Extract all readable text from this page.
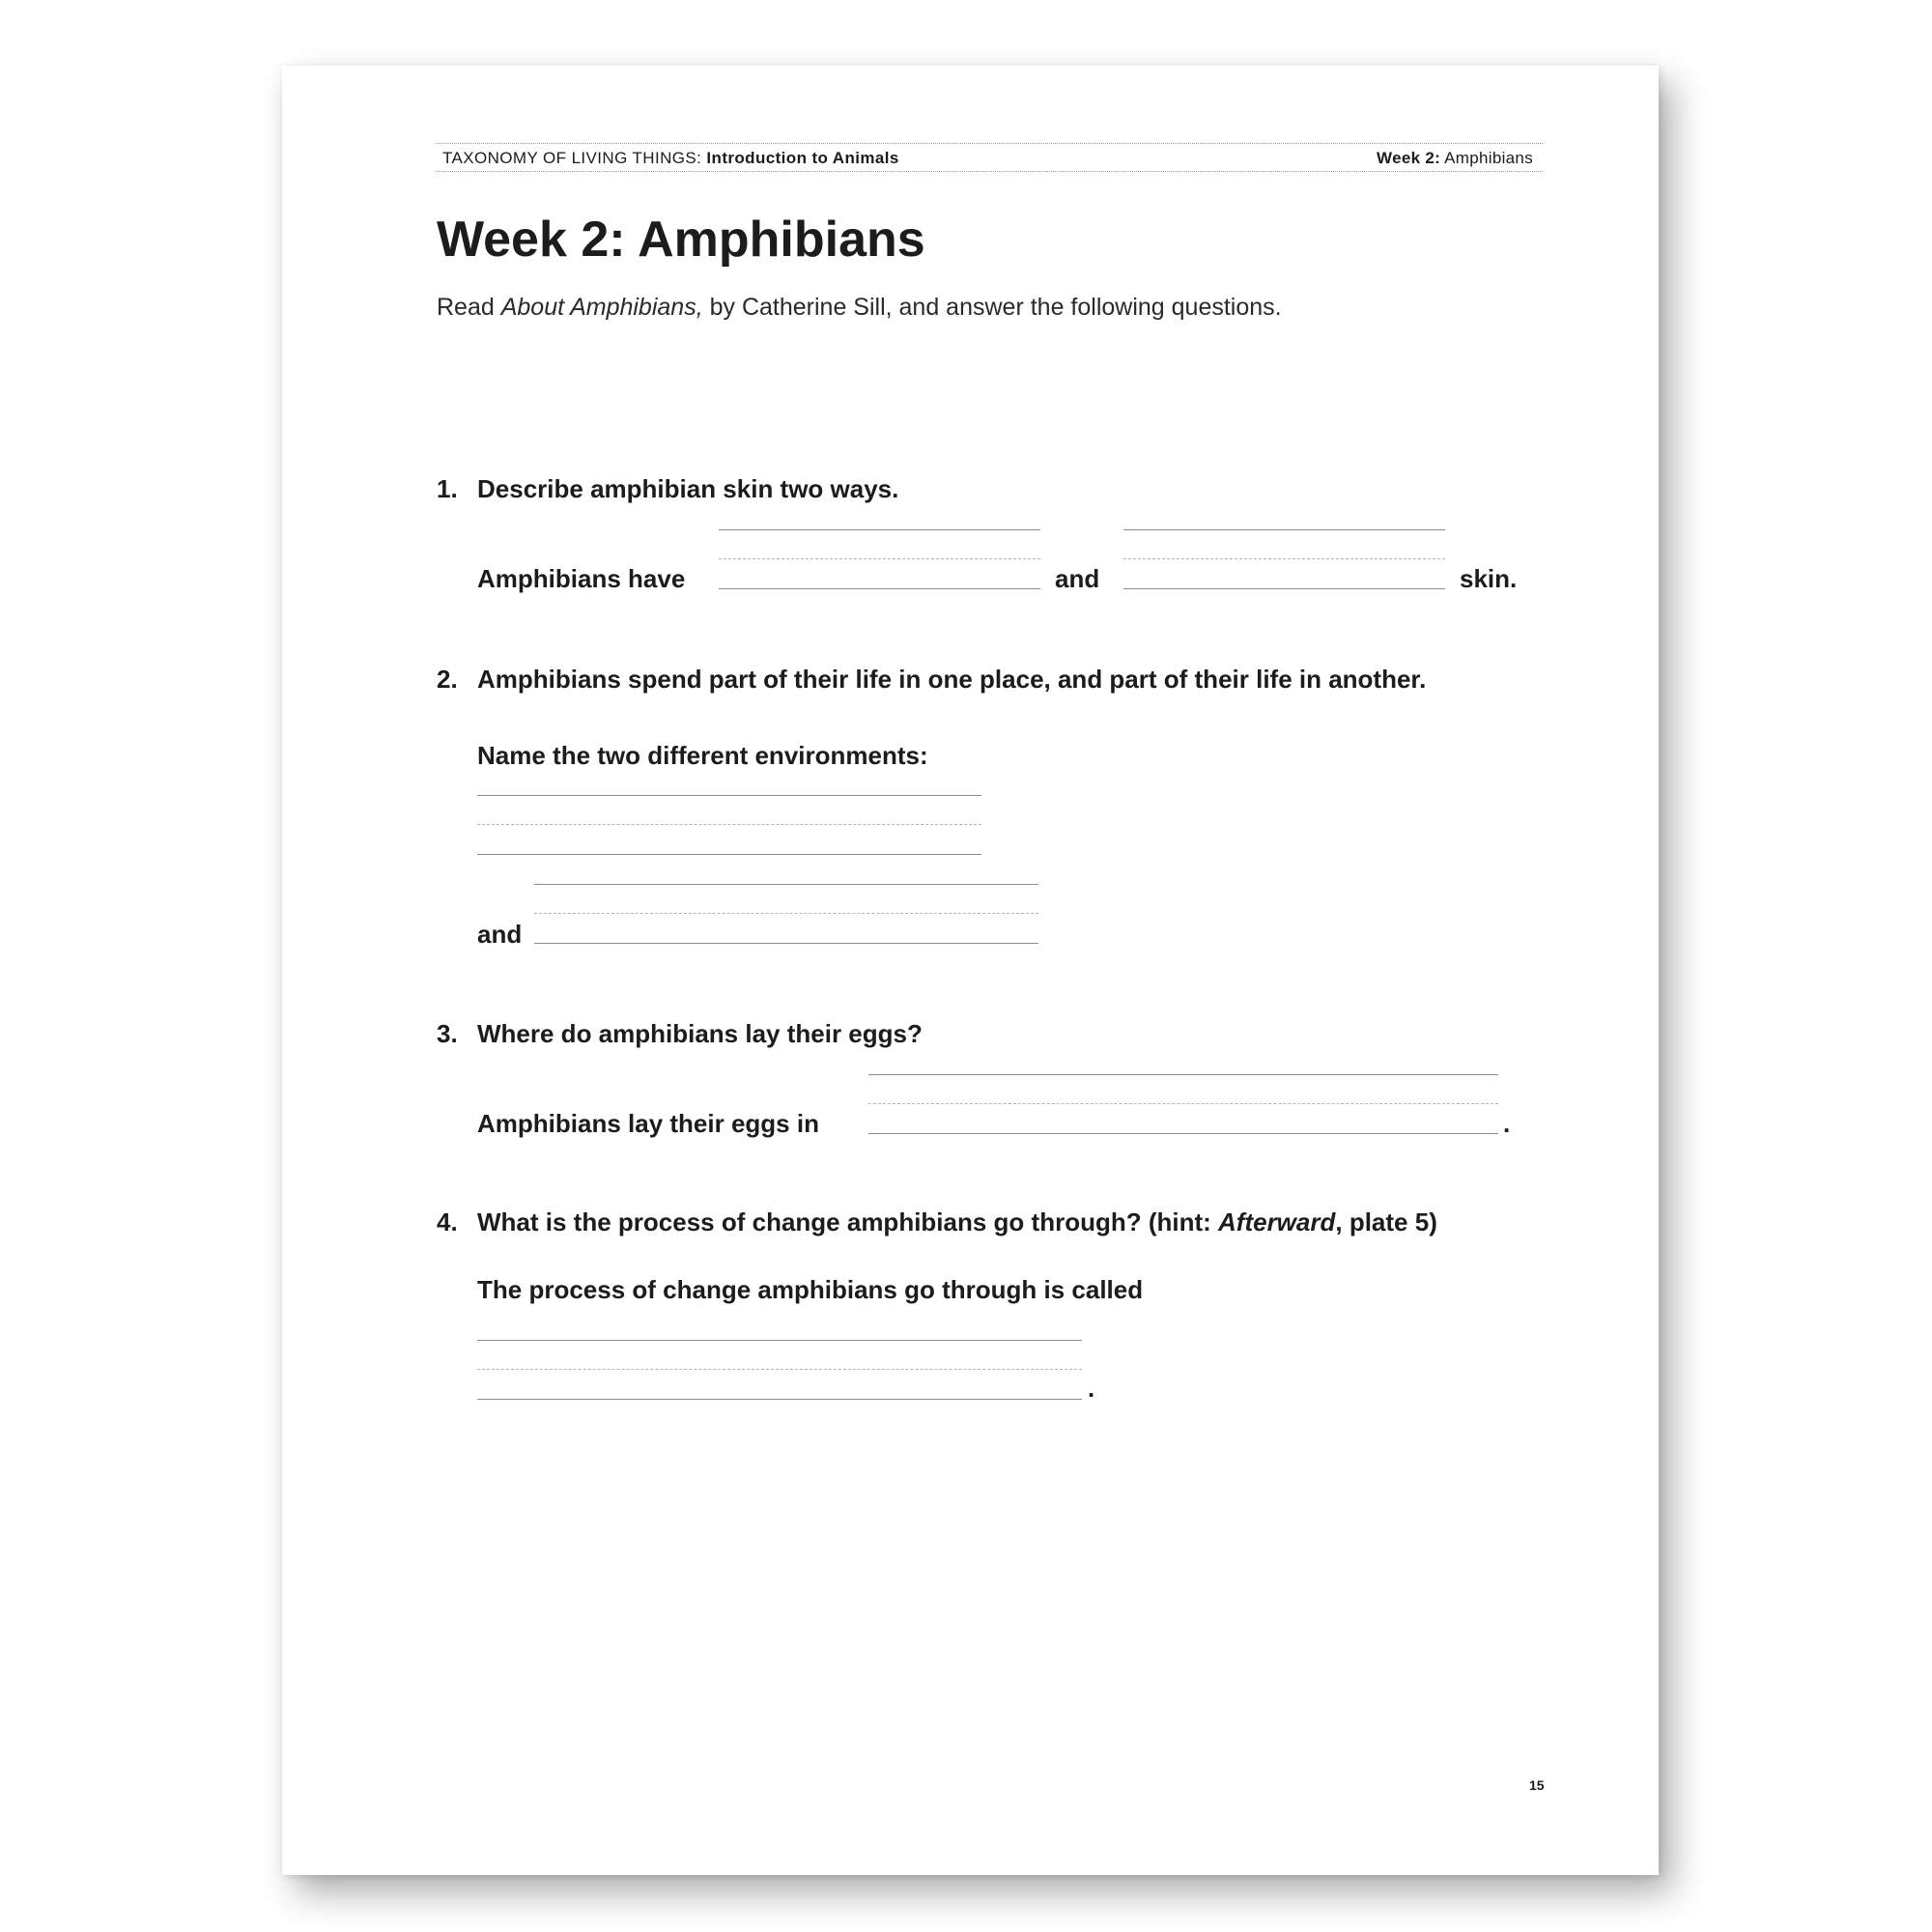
TAXONOMY OF LIVING THINGS: Introduction to Animals	Week 2: Amphibians
Week 2: Amphibians
Read About Amphibians, by Catherine Sill, and answer the following questions.
1. Describe amphibian skin two ways.
Amphibians have	and	skin.
2. Amphibians spend part of their life in one place, and part of their life in another.
Name the two different environments:
and
3. Where do amphibians lay their eggs?
Amphibians lay their eggs in	.
4. What is the process of change amphibians go through? (hint: Afterward, plate 5)
The process of change amphibians go through is called
.
15
